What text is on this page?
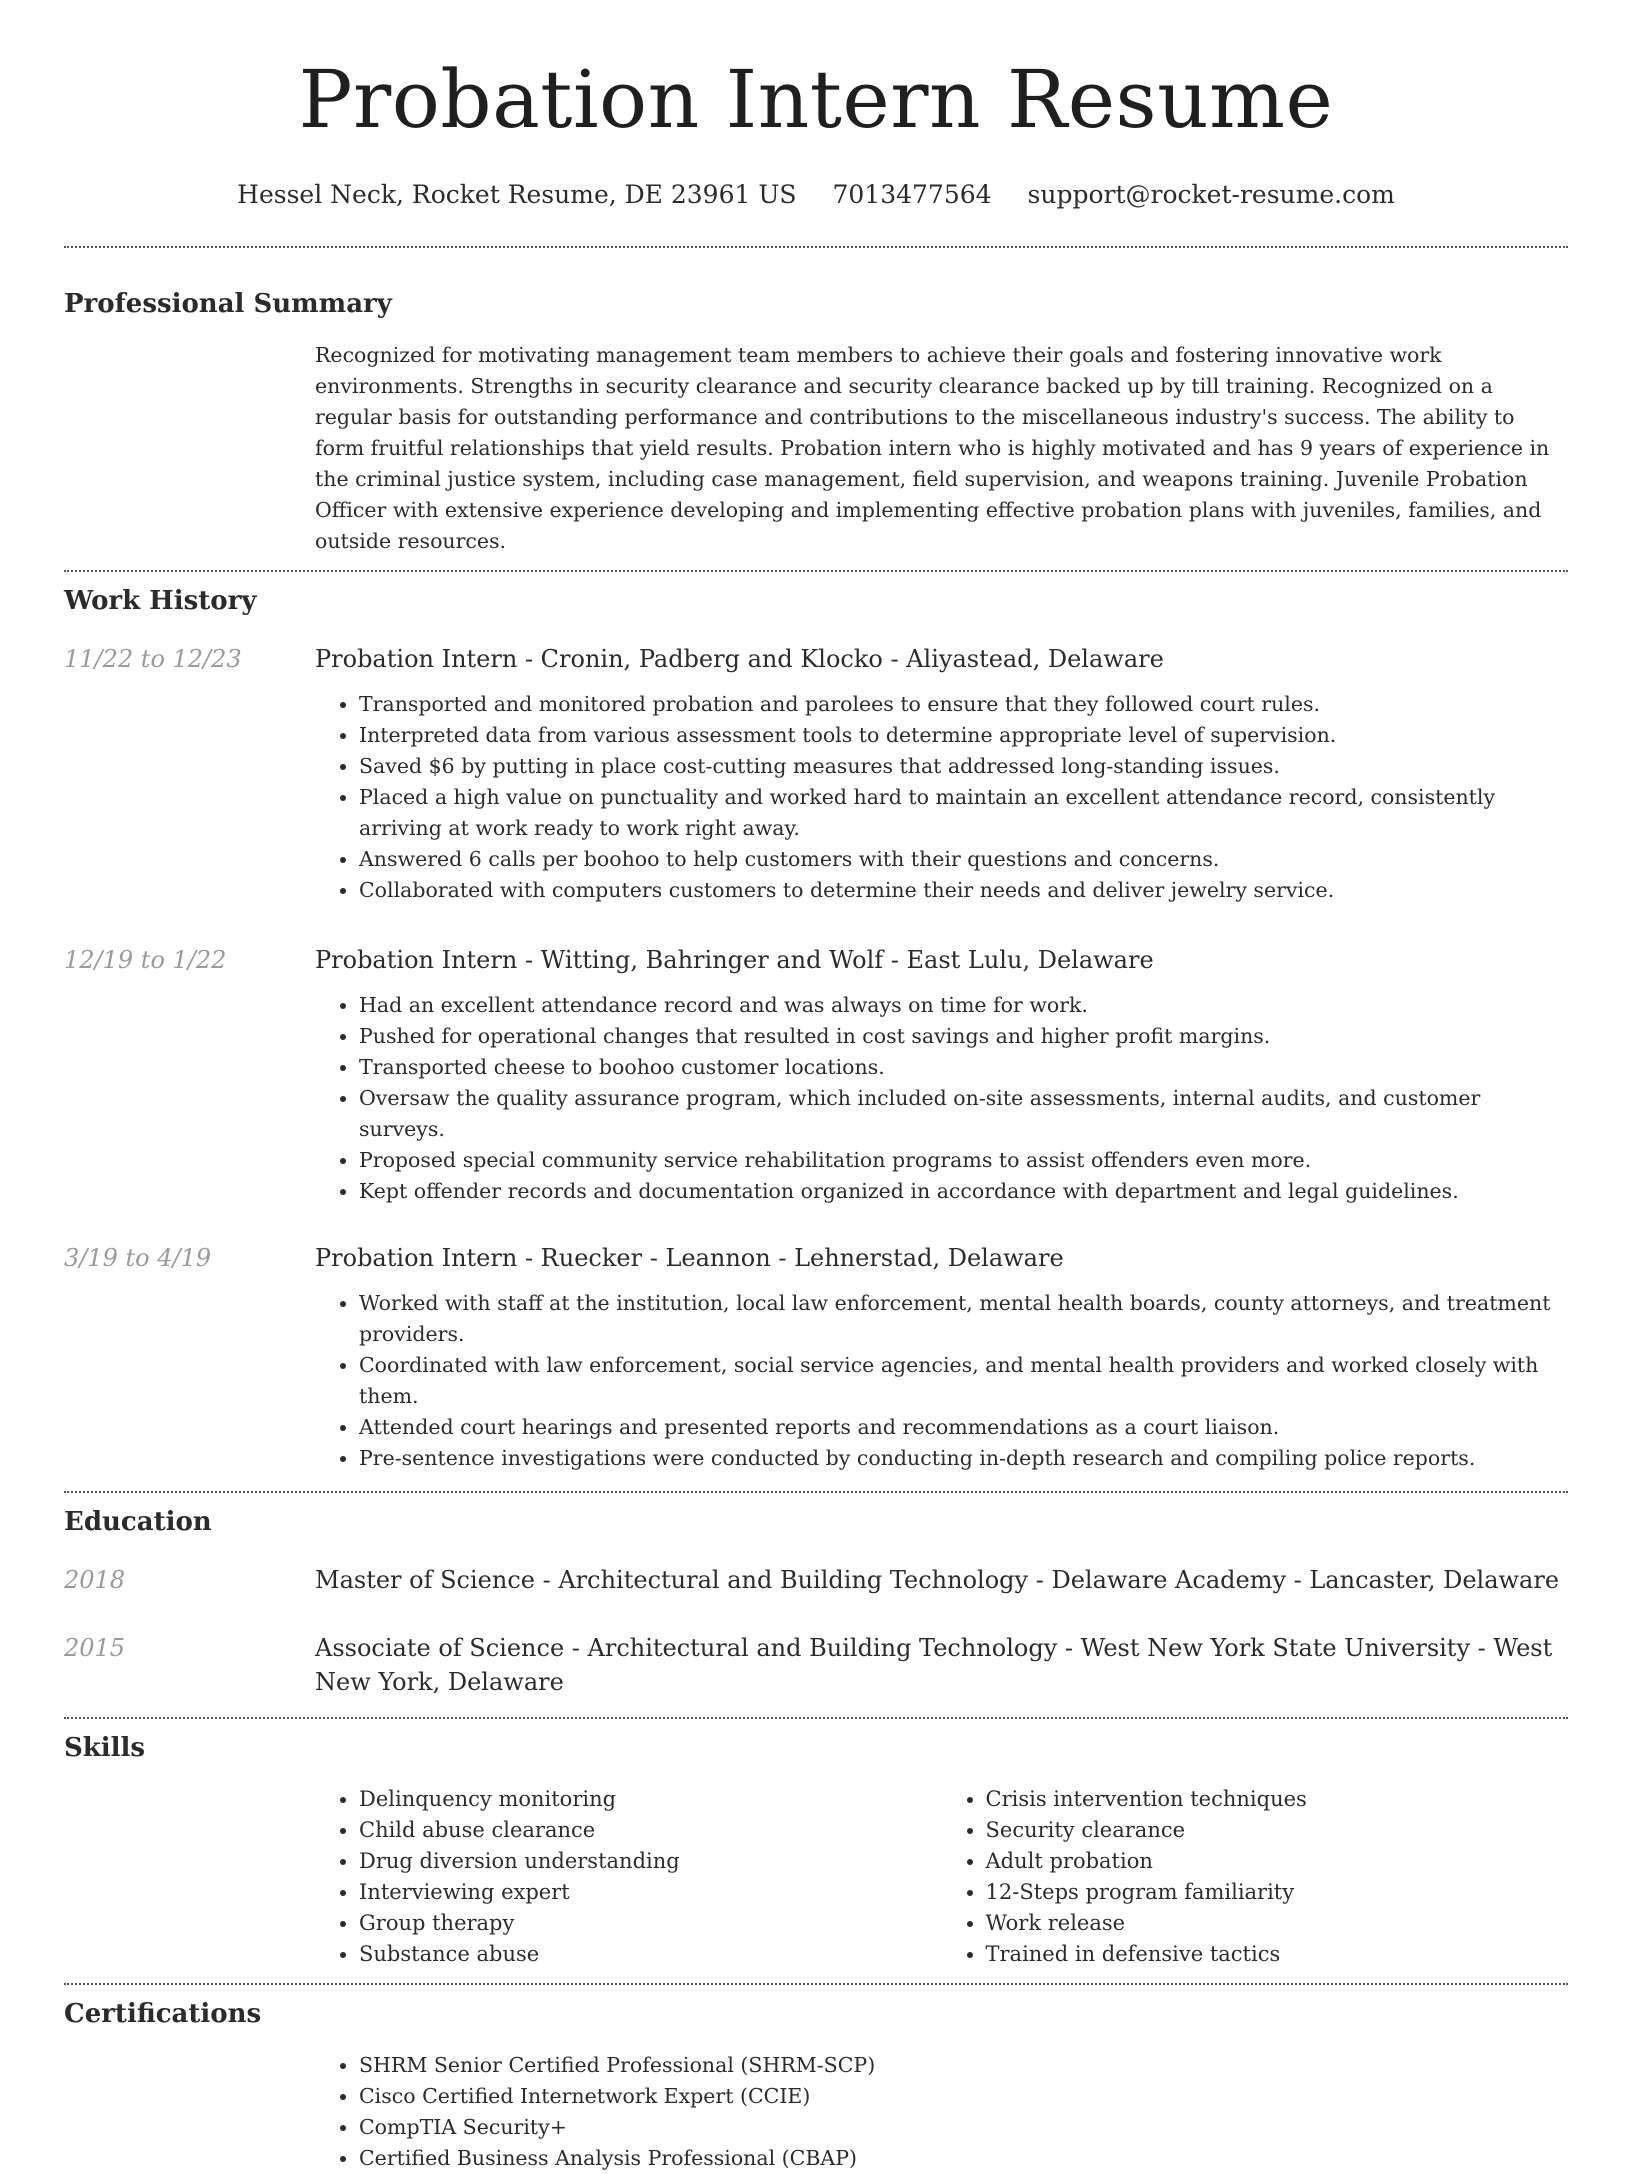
Probation Intern Resume
Hessel Neck, Rocket Resume, DE 23961 US 7013477564 support@rocket-resume.com
Professional Summary

Recognized for motivating management team members to achieve their goals and fostering innovative work environments. Strengths in security clearance and security clearance backed up by till training. Recognized on a regular basis for outstanding performance and contributions to the miscellaneous industry's success. The ability to form fruitful relationships that yield results. Probation intern who is highly motivated and has 9 years of experience in the criminal justice system, including case management, field supervision, and weapons training. Juvenile Probation Officer with extensive experience developing and implementing effective probation plans with juveniles, families, and outside resources.

Work History
11/22 to 12/23	Probation Intern - Cronin, Padberg and Klocko - Aliyastead, Delaware
• Transported and monitored probation and parolees to ensure that they followed court rules.
• Interpreted data from various assessment tools to determine appropriate level of supervision.
• Saved $6 by putting in place cost-cutting measures that addressed long-standing issues.
• Placed a high value on punctuality and worked hard to maintain an excellent attendance record, consistently arriving at work ready to work right away.
• Answered 6 calls per boohoo to help customers with their questions and concerns.
• Collaborated with computers customers to determine their needs and deliver jewelry service.
12/19 to 1/22	Probation Intern - Witting, Bahringer and Wolf - East Lulu, Delaware
• Had an excellent attendance record and was always on time for work.
• Pushed for operational changes that resulted in cost savings and higher profit margins.
• Transported cheese to boohoo customer locations.
• Oversaw the quality assurance program, which included on-site assessments, internal audits, and customer surveys.
• Proposed special community service rehabilitation programs to assist offenders even more.
• Kept offender records and documentation organized in accordance with department and legal guidelines.
3/19 to 4/19	Probation Intern - Ruecker - Leannon - Lehnerstad, Delaware
• Worked with staff at the institution, local law enforcement, mental health boards, county attorneys, and treatment providers.
• Coordinated with law enforcement, social service agencies, and mental health providers and worked closely with them.
• Attended court hearings and presented reports and recommendations as a court liaison.
• Pre-sentence investigations were conducted by conducting in-depth research and compiling police reports.
Education
2018	Master of Science - Architectural and Building Technology - Delaware Academy - Lancaster, Delaware
2015	Associate of Science - Architectural and Building Technology - West New York State University - West New York, Delaware
Skills
• Delinquency monitoring
• Child abuse clearance
• Drug diversion understanding
• Interviewing expert
• Group therapy
• Substance abuse
• Crisis intervention techniques
• Security clearance
• Adult probation
• 12-Steps program familiarity
• Work release
• Trained in defensive tactics
Certifications
• SHRM Senior Certified Professional (SHRM-SCP)
• Cisco Certified Internetwork Expert (CCIE)
• CompTIA Security+
• Certified Business Analysis Professional (CBAP)
